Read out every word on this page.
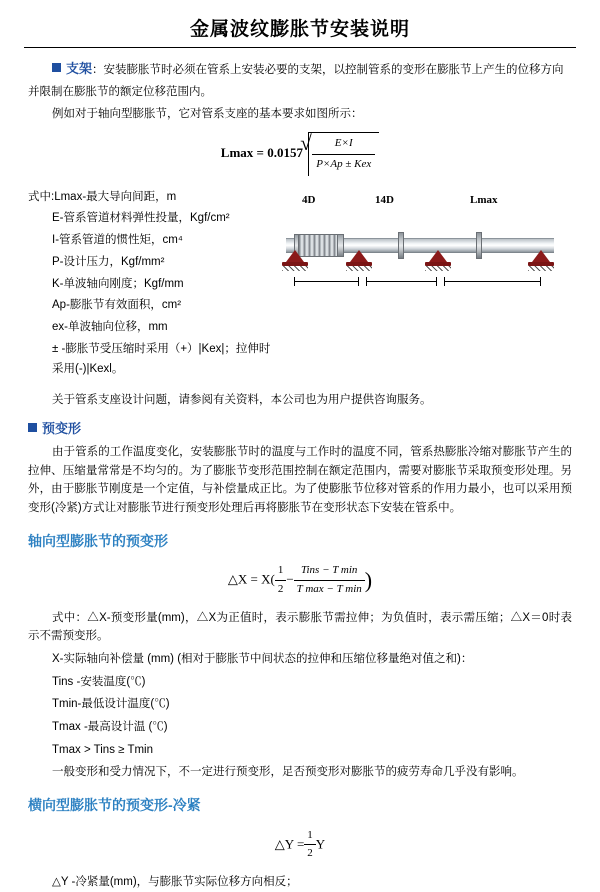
金属波纹膨胀节安装说明
支架：安装膨胀节时必须在管系上安装必要的支架，以控制管系的变形在膨胀节上产生的位移方向并限制在膨胀节的额定位移范围内。

例如对于轴向型膨胀节，它对管系支座的基本要求如图所示：

Lmax = 0.0157 √ $\frac{E\times I}{\text{P×Ap ± Kex}}$
式中:Lmax-最大导向间距，m
E-管系管道材料弹性投量，Kgf/cm²
I-管系管道的惯性矩，cm⁴
P-设计压力，Kgf/mm²
K-单波轴向刚度；Kgf/mm
Ap-膨胀节有效面积，cm²
ex-单波轴向位移，mm
± -膨胀节受压缩时采用（+）|Kex|；拉伸时采用(-)|Kexl。
4D	14D	Lmax

关于管系支座设计问题，请参阅有关资料，本公司也为用户提供咨询服务。

预变形

由于管系的工作温度变化，安装膨胀节时的温度与工作时的温度不同，管系热膨胀冷缩对膨胀节产生的拉伸、压缩量常常是不均匀的。为了膨胀节变形范围控制在额定范围内，需要对膨胀节采取预变形处理。另外，由于膨胀节刚度是一个定值，与补偿量成正比。为了使膨胀节位移对管系的作用力最小，也可以采用预变形(冷紧)方式让对膨胀节进行预变形处理后再将膨胀节在变形状态下安装在管系中。

轴向型膨胀节的预变形
△X = $X( \frac{1}{2} - \frac{\text{Tins − T min}}{\text{T max − T min}}$ )

式中：△X-预变形量(mm)，△X为正值时，表示膨胀节需拉伸；为负值时，表示需压缩；△X＝0时表示不需预变形。

X-实际轴向补偿量 (mm) (相对于膨胀节中间状态的拉伸和压缩位移量绝对值之和)：

Tins -安装温度(℃)

Tmin-最低设计温度(℃)

Tmax -最高设计温 (℃)

Tmax > Tins ≥ Tmin

一般变形和受力情况下，不一定进行预变形，足否预变形对膨胀节的疲劳寿命几乎没有影响。

横向型膨胀节的预变形-冷紧
△Y = $\frac{1}{2}$ Y

△Y -冷紧量(mm)，与膨胀节实际位移方向相反；
